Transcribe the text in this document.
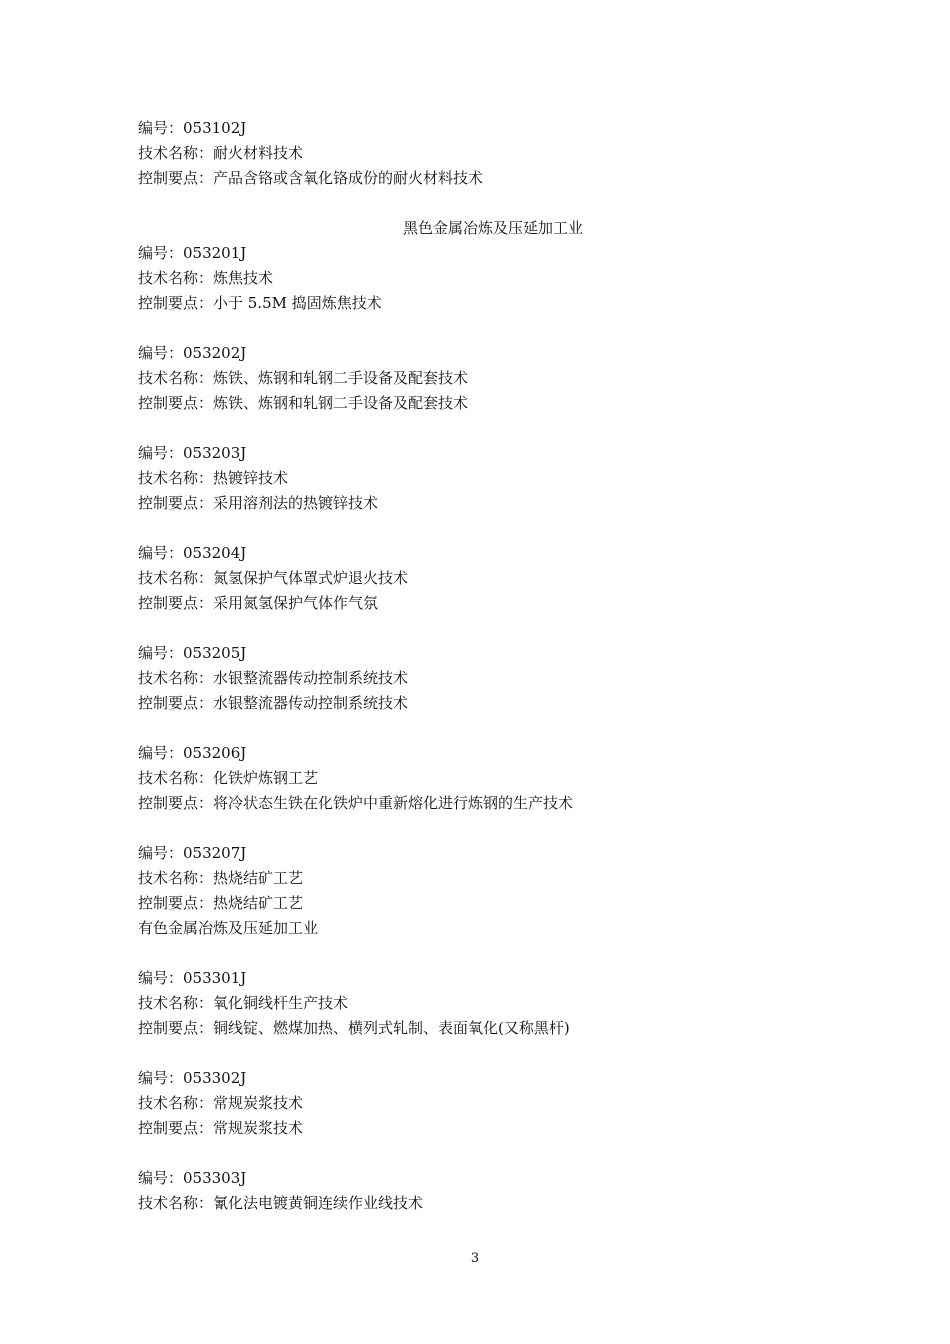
编号：053102J
技术名称：耐火材料技术
控制要点：产品含铬或含氧化铬成份的耐火材料技术
黑色金属冶炼及压延加工业
编号：053201J
技术名称：炼焦技术
控制要点：小于 5.5M 捣固炼焦技术
编号：053202J
技术名称：炼铁、炼钢和轧钢二手设备及配套技术
控制要点：炼铁、炼钢和轧钢二手设备及配套技术
编号：053203J
技术名称：热镀锌技术
控制要点：采用溶剂法的热镀锌技术
编号：053204J
技术名称：氮氢保护气体罩式炉退火技术
控制要点：采用氮氢保护气体作气氛
编号：053205J
技术名称：水银整流器传动控制系统技术
控制要点：水银整流器传动控制系统技术
编号：053206J
技术名称：化铁炉炼钢工艺
控制要点：将冷状态生铁在化铁炉中重新熔化进行炼钢的生产技术
编号：053207J
技术名称：热烧结矿工艺
控制要点：热烧结矿工艺
有色金属冶炼及压延加工业
编号：053301J
技术名称：氧化铜线杆生产技术
控制要点：铜线锭、燃煤加热、横列式轧制、表面氧化(又称黑杆)
编号：053302J
技术名称：常规炭浆技术
控制要点：常规炭浆技术
编号：053303J
技术名称：氰化法电镀黄铜连续作业线技术
3
